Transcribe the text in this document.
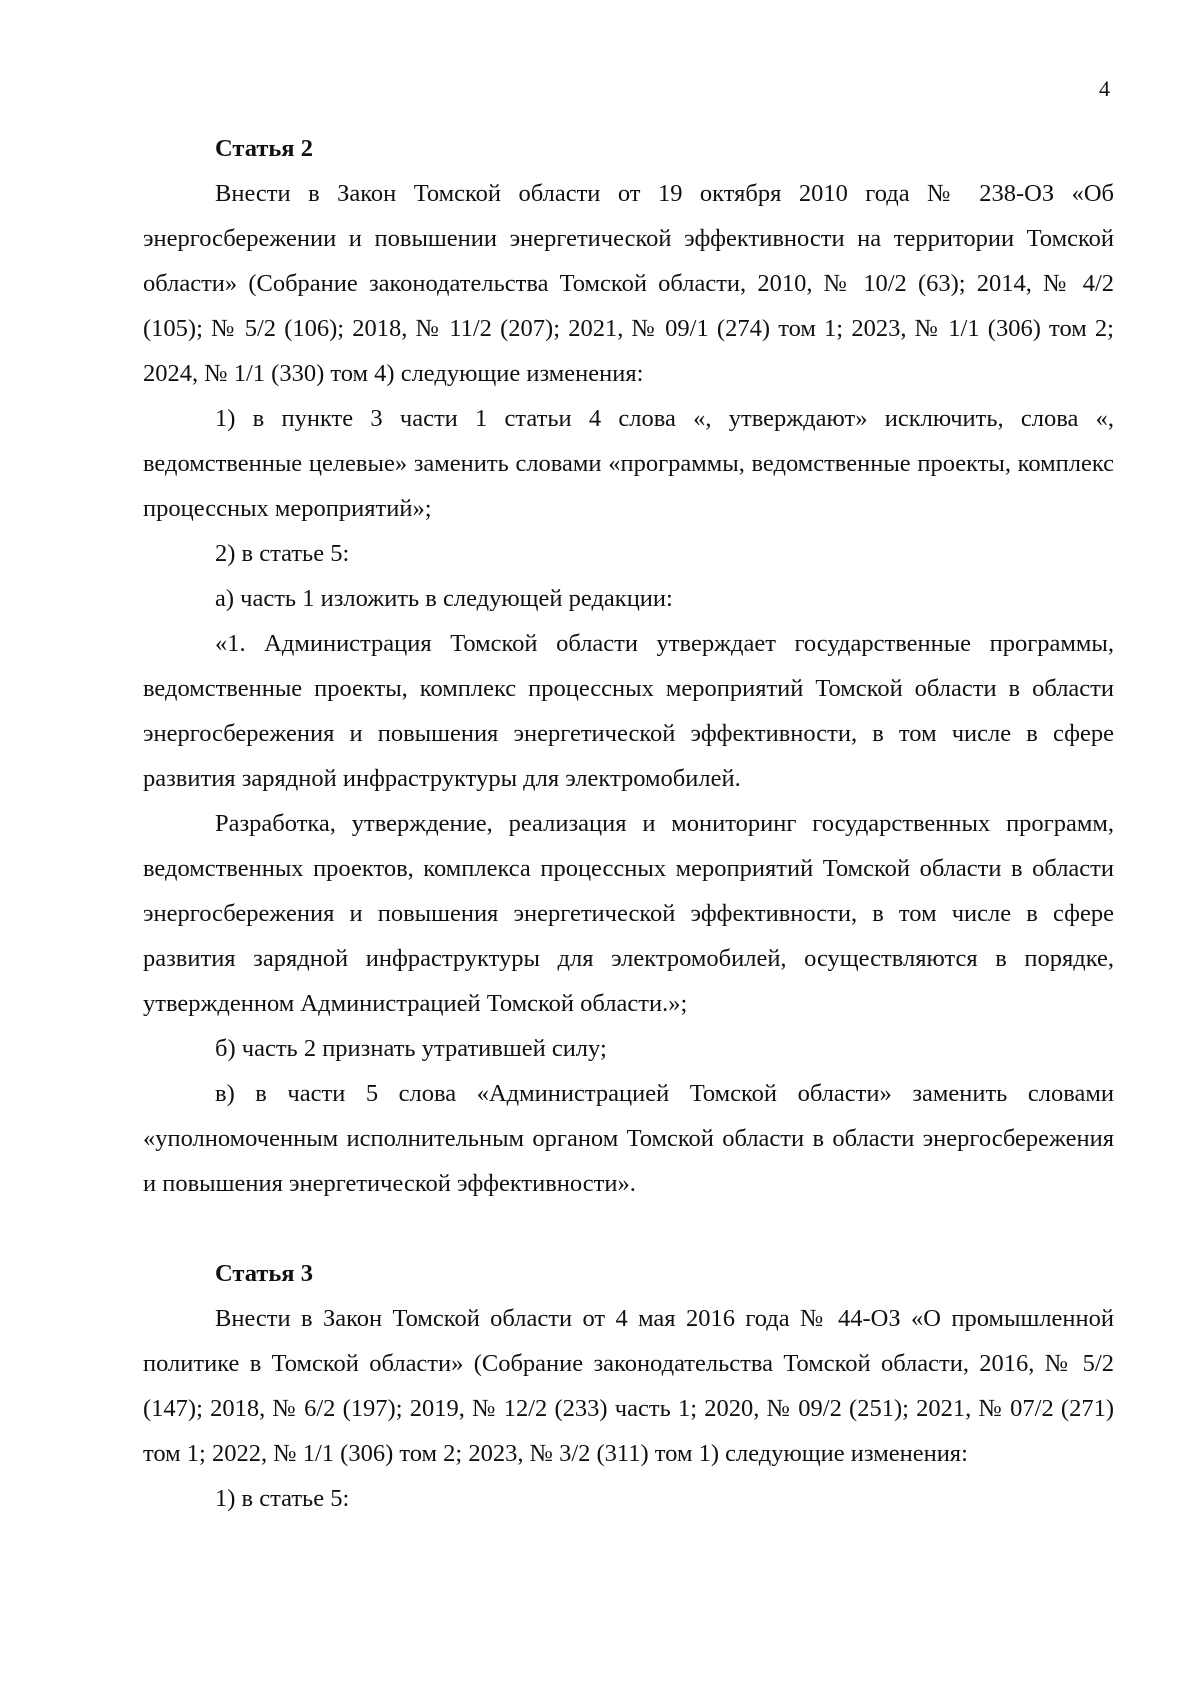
4

Статья 2

Внести в Закон Томской области от 19 октября 2010 года № 238-ОЗ «Об энергосбережении и повышении энергетической эффективности на территории Томской области» (Собрание законодательства Томской области, 2010, № 10/2 (63); 2014, № 4/2 (105); № 5/2 (106); 2018, № 11/2 (207); 2021, № 09/1 (274) том 1; 2023, № 1/1 (306) том 2; 2024, № 1/1 (330) том 4) следующие изменения:

1) в пункте 3 части 1 статьи 4 слова «, утверждают» исключить, слова «, ведомственные целевые» заменить словами «программы, ведомственные проекты, комплекс процессных мероприятий»;

2) в статье 5:

а) часть 1 изложить в следующей редакции:

«1. Администрация Томской области утверждает государственные программы, ведомственные проекты, комплекс процессных мероприятий Томской области в области энергосбережения и повышения энергетической эффективности, в том числе в сфере развития зарядной инфраструктуры для электромобилей.

Разработка, утверждение, реализация и мониторинг государственных программ, ведомственных проектов, комплекса процессных мероприятий Томской области в области энергосбережения и повышения энергетической эффективности, в том числе в сфере развития зарядной инфраструктуры для электромобилей, осуществляются в порядке, утвержденном Администрацией Томской области.»;

б) часть 2 признать утратившей силу;

в) в части 5 слова «Администрацией Томской области» заменить словами «уполномоченным исполнительным органом Томской области в области энергосбережения и повышения энергетической эффективности».

Статья 3

Внести в Закон Томской области от 4 мая 2016 года № 44-ОЗ «О промышленной политике в Томской области» (Собрание законодательства Томской области, 2016, № 5/2 (147); 2018, № 6/2 (197); 2019, № 12/2 (233) часть 1; 2020, № 09/2 (251); 2021, № 07/2 (271) том 1; 2022, № 1/1 (306) том 2; 2023, № 3/2 (311) том 1) следующие изменения:

1) в статье 5:
